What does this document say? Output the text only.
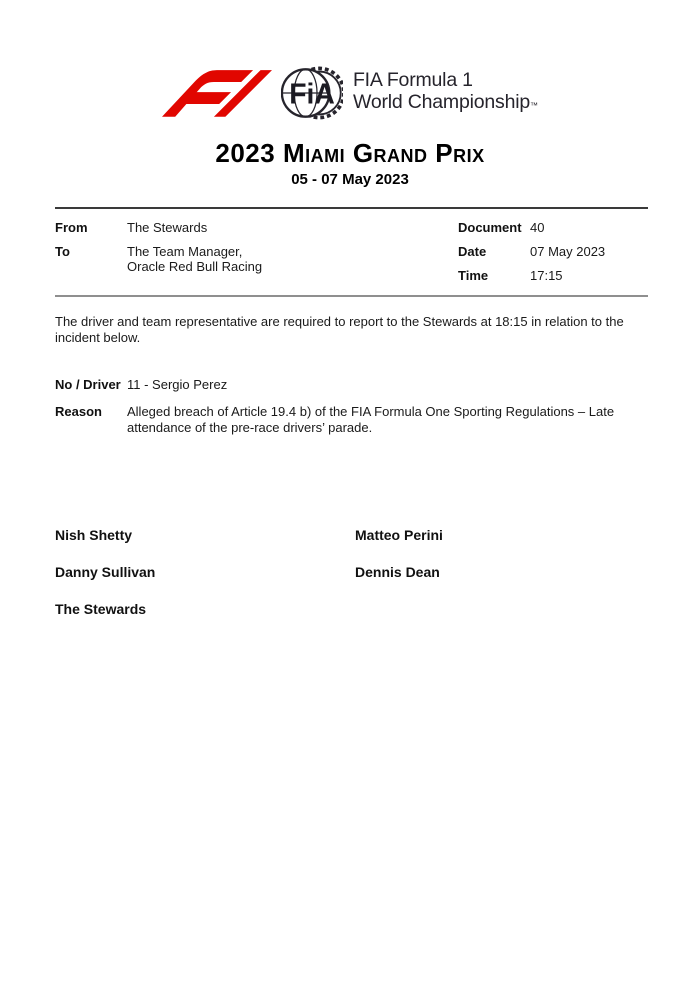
FiA FIA Formula 1
World Championship™
2023 Miami Grand Prix
05 - 07 May 2023
From	The Stewards
To	The Team Manager,
Oracle Red Bull Racing
Document 40
Date	07 May 2023
Time	17:15

The driver and team representative are required to report to the Stewards at 18:15 in relation to the incident below.

No / Driver 11 - Sergio Perez
Reason	Alleged breach of Article 19.4 b) of the FIA Formula One Sporting Regulations – Late attendance of the pre-race drivers’ parade.
Nish Shetty	Matteo Perini
Danny Sullivan	Dennis Dean
The Stewards
